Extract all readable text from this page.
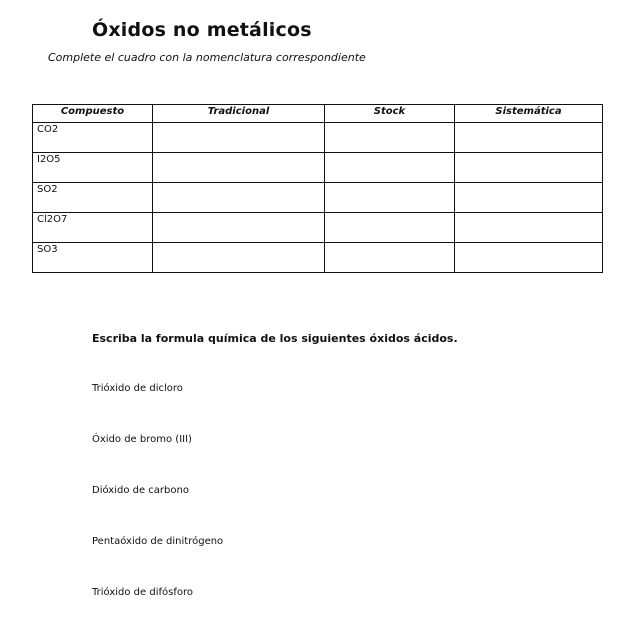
Óxidos no metálicos
Complete el cuadro con la nomenclatura correspondiente
Compuesto	Tradicional	Stock	Sistemática
CO2			
I2O5			
SO2			
Cl2O7			
SO3			
Escriba la formula química de los siguientes óxidos ácidos.
Trióxido de dicloro
Óxido de bromo (III)
Dióxido de carbono
Pentaóxido de dinitrógeno
Trióxido de difósforo
